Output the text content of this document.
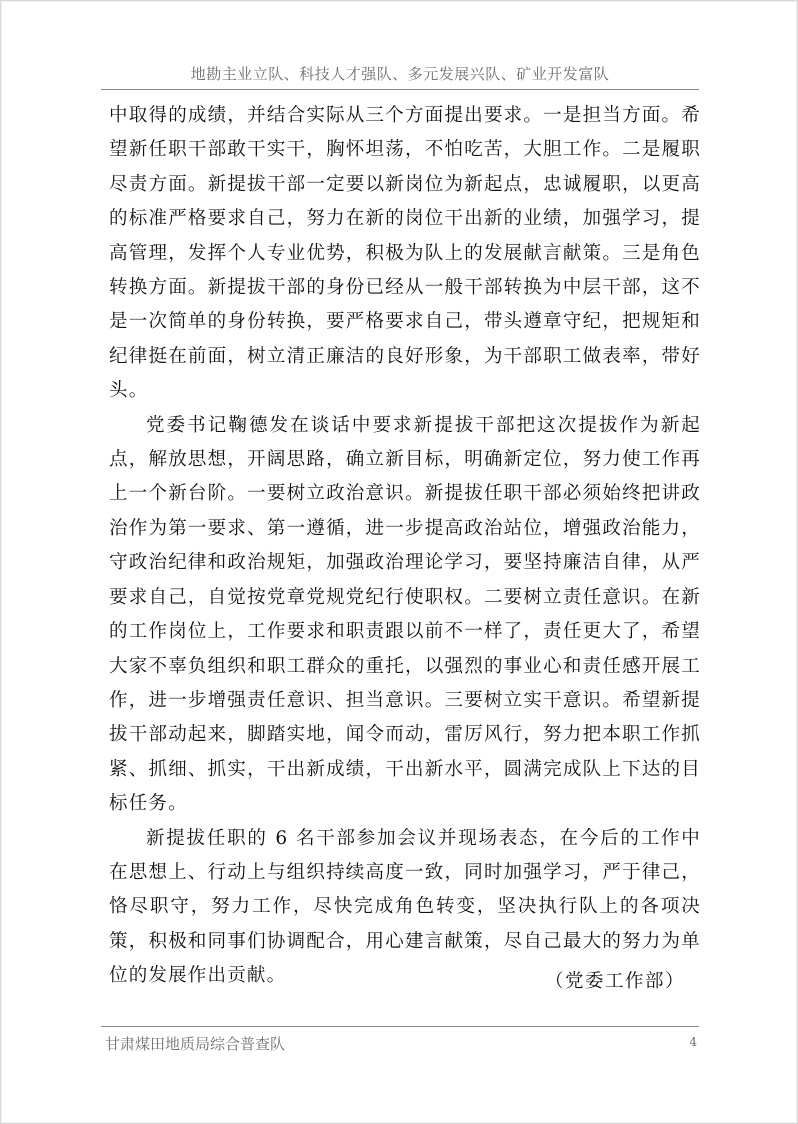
地勘主业立队、科技人才强队、多元发展兴队、矿业开发富队

中取得的成绩，并结合实际从三个方面提出要求。一是担当方面。希望新任职干部敢干实干，胸怀坦荡，不怕吃苦，大胆工作。二是履职尽责方面。新提拔干部一定要以新岗位为新起点，忠诚履职，以更高的标准严格要求自己，努力在新的岗位干出新的业绩，加强学习，提高管理，发挥个人专业优势，积极为队上的发展献言献策。三是角色转换方面。新提拔干部的身份已经从一般干部转换为中层干部，这不是一次简单的身份转换，要严格要求自己，带头遵章守纪，把规矩和纪律挺在前面，树立清正廉洁的良好形象，为干部职工做表率，带好头。

党委书记鞠德发在谈话中要求新提拔干部把这次提拔作为新起点，解放思想，开阔思路，确立新目标，明确新定位，努力使工作再上一个新台阶。一要树立政治意识。新提拔任职干部必须始终把讲政治作为第一要求、第一遵循，进一步提高政治站位，增强政治能力，守政治纪律和政治规矩，加强政治理论学习，要坚持廉洁自律，从严要求自己，自觉按党章党规党纪行使职权。二要树立责任意识。在新的工作岗位上，工作要求和职责跟以前不一样了，责任更大了，希望大家不辜负组织和职工群众的重托，以强烈的事业心和责任感开展工作，进一步增强责任意识、担当意识。三要树立实干意识。希望新提拔干部动起来，脚踏实地，闻令而动，雷厉风行，努力把本职工作抓紧、抓细、抓实，干出新成绩，干出新水平，圆满完成队上下达的目标任务。

新提拔任职的 6 名干部参加会议并现场表态，在今后的工作中在思想上、行动上与组织持续高度一致，同时加强学习，严于律己，恪尽职守，努力工作，尽快完成角色转变，坚决执行队上的各项决策，积极和同事们协调配合，用心建言献策，尽自己最大的努力为单位的发展作出贡献。	（党委工作部）
甘肃煤田地质局综合普查队	4
